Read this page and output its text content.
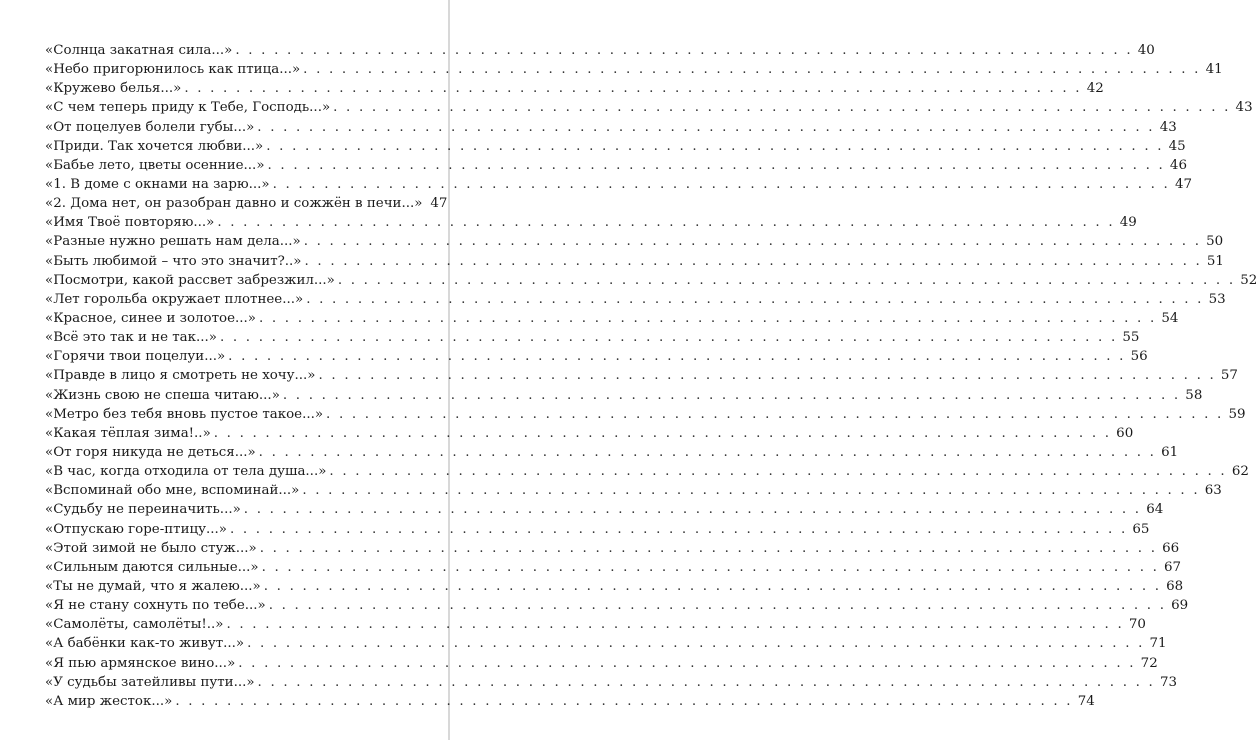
«Солнца закатная сила...» . . .	40
«Небо пригорюнилось как птица...» . . .	41
«Кружево белья...» . . .	42
«С чем теперь приду к Тебе, Господь...» . . .	43
«От поцелуев болели губы...» . . .	43
«Приди. Так хочется любви...» . . .	45
«Бабье лето, цветы осенние...» . . .	46
«1. В доме с окнами на зарю...» . . .	47
«2. Дома нет, он разобран давно и сожжён в печи...» 47
«Имя Твоё повторяю...» . . .	49
«Разные нужно решать нам дела...» . . .	50
«Быть любимой – что это значит?..» . . .	51
«Посмотри, какой рассвет забрезжил...» . . .	52
«Лет горольба окружает плотнее...» . . .	53
«Красное, синее и золотое...» . . .	54
«Всё это так и не так...» . . .	55
«Горячи твои поцелуи...» . . .	56
«Правде в лицо я смотреть не хочу...» . . .	57
«Жизнь свою не спеша читаю...» . . .	58
«Метро без тебя вновь пустое такое...» . . .	59
«Какая тёплая зима!..» . . .	60
«От горя никуда не деться...» . . .	61
«В час, когда отходила от тела душа...» . . .	62
«Вспоминай обо мне, вспоминай...» . . .	63
«Судьбу не переиначить...» . . .	64
«Отпускаю горе-птицу...» . . .	65
«Этой зимой не было стуж...» . . .	66
«Сильным даются сильные...» . . .	67
«Ты не думай, что я жалею...» . . .	68
«Я не стану сохнуть по тебе...» . . .	69
«Самолёты, самолёты!..» . . .	70
«А бабёнки как-то живут...» . . .	71
«Я пью армянское вино...» . . .	72
«У судьбы затейливы пути...» . . .	73
«А мир жесток...» . . .	74
